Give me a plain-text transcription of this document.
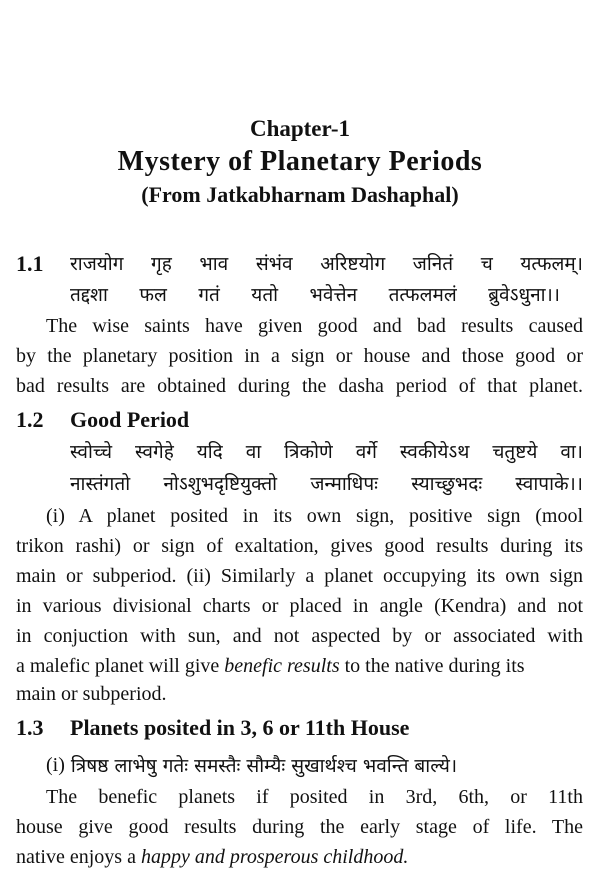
Chapter-1
Mystery of Planetary Periods
(From Jatkabharnam Dashaphal)
1.1 राजयोग गृह भाव संभंव अरिष्टयोग जनितं च यत्फलम्।
तद्दशा फल गतं यतो भवेत्तेन तत्फलमलं ब्रुवेऽधुना।।
The wise saints have given good and bad results caused
by the planetary position in a sign or house and those good or
bad results are obtained during the dasha period of that planet.
1.2 Good Period
स्वोच्चे स्वगेहे यदि वा त्रिकोणे वर्गे स्वकीयेऽथ चतुष्टये वा।
नास्तंगतो नोऽशुभदृष्टियुक्तो जन्माधिपः स्याच्छुभदः स्वापाके।।
(i) A planet posited in its own sign, positive sign (mool
trikon rashi) or sign of exaltation, gives good results during its
main or subperiod. (ii) Similarly a planet occupying its own sign
in various divisional charts or placed in angle (Kendra) and not
in conjuction with sun, and not aspected by or associated with
a malefic planet will give benefic results to the native during its
main or subperiod.
1.3 Planets posited in 3, 6 or 11th House
(i) त्रिषष्ठ लाभेषु गतेः समस्तैः सौम्यैः सुखार्थश्च भवन्ति बाल्ये।
The benefic planets if posited in 3rd, 6th, or 11th
house give good results during the early stage of life. The
native enjoys a happy and prosperous childhood.
